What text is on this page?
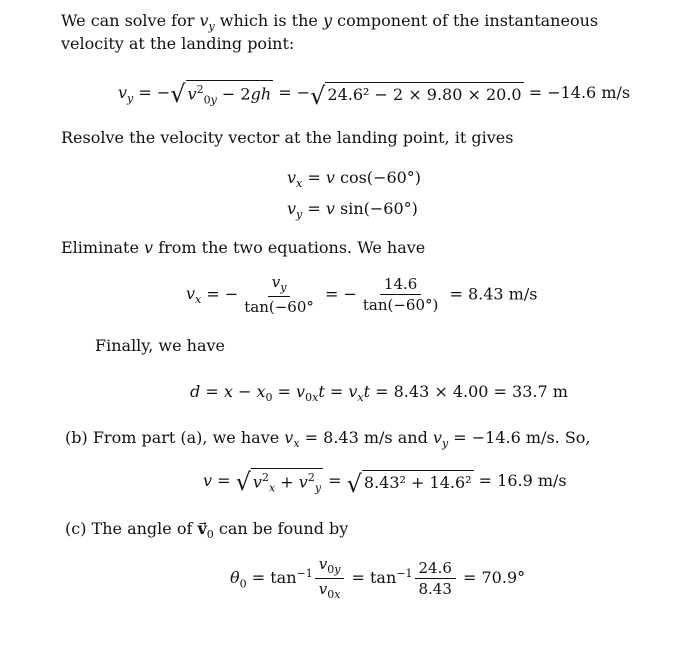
We can solve for $v_y$ which is the y component of the instantaneous velocity at the landing point:
$v_y$ = − √ $v^2_{0y} - 2gh$ = − √ 24.6² − 2 × 9.80 × 20.0 = −14.6 m/s
Resolve the velocity vector at the landing point, it gives
$v_x = v$ cos(−60°)
$v_y = v$ sin(−60°)
Eliminate v from the two equations. We have
$v_x$ = − $\frac{v_y}{\tan(-60^\circ}$ = − $\frac{14.6}{\tan(-60^\circ)} = 8.43$ m/s
Finally, we have
$d = x - x_0 = v_{0x}t = v_xt = 8.43 \times 4.00 = 33.7$ m
(b) From part (a), we have $v_x = 8.43$ m/s and $v_y = -14.6$ m/s. So,
v = √ $v^2_x + v^2_y$ = √ 8.43² + 14.6² = 16.9 m/s
(c) The angle of $v_0$ can be found by
$\theta_0 = \tan^{-1} \frac{v_{0y}}{v_{0x}} = \tan^{-1} \frac{24.6}{8.43} = 70.9^\circ$
